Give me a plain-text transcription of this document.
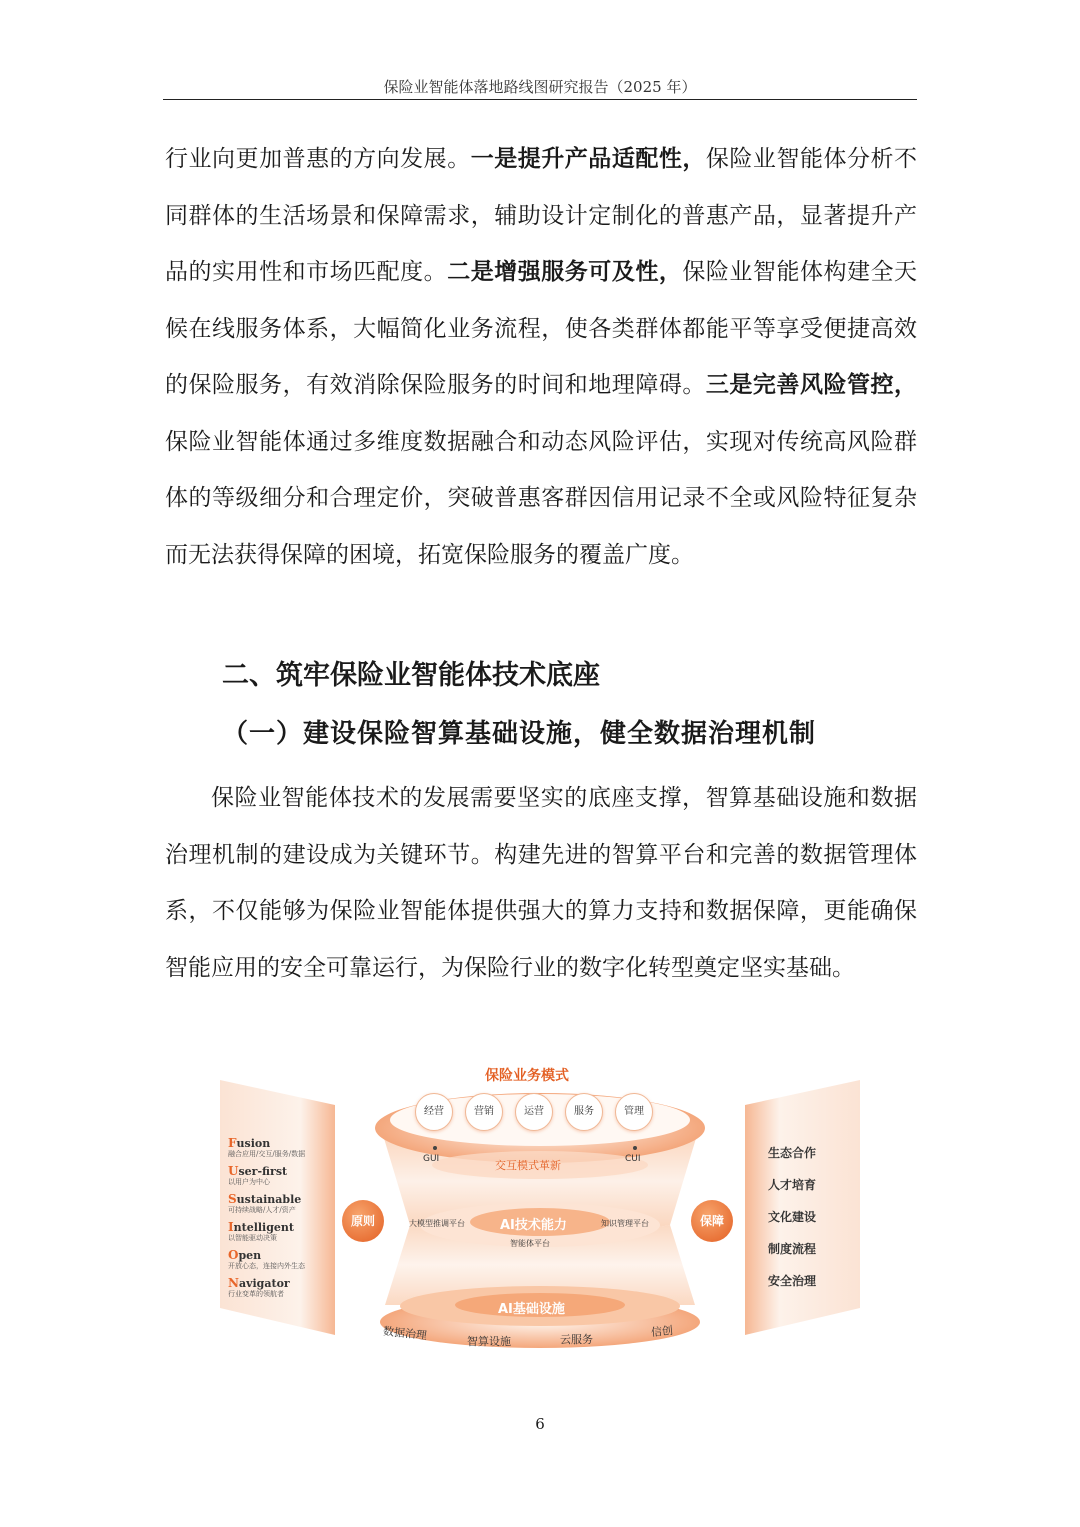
保险业智能体落地路线图研究报告（2025 年）

行业向更加普惠的方向发展。一是提升产品适配性，保险业智能体分析不同群体的生活场景和保障需求，辅助设计定制化的普惠产品，显著提升产品的实用性和市场匹配度。二是增强服务可及性，保险业智能体构建全天候在线服务体系，大幅简化业务流程，使各类群体都能平等享受便捷高效的保险服务，有效消除保险服务的时间和地理障碍。三是完善风险管控，保险业智能体通过多维度数据融合和动态风险评估，实现对传统高风险群体的等级细分和合理定价，突破普惠客群因信用记录不全或风险特征复杂而无法获得保障的困境，拓宽保险服务的覆盖广度。

二、筑牢保险业智能体技术底座
（一）建设保险智算基础设施，健全数据治理机制

保险业智能体技术的发展需要坚实的底座支撑，智算基础设施和数据治理机制的建设成为关键环节。构建先进的智算平台和完善的数据管理体系，不仅能够为保险业智能体提供强大的算力支持和数据保障，更能确保智能应用的安全可靠运行，为保险行业的数字化转型奠定坚实基础。

保险业务模式
经营	营销	运营	服务	管理
GUI	CUI
交互模式革新
原则	保障
AI技术能力
大模型推调平台	知识管理平台
智能体平台
AI基础设施
数据治理	智算设施	云服务
信创
Fusion
融合应用/交互/服务/数据
User-first
以用户为中心
Sustainable
可持续战略/人才/资产
Intelligent
以智能驱动决策
Open
开放心态，连接内外生态
Navigator
行业变革的领航者
生态合作
人才培育
文化建设
制度流程
安全治理
6
